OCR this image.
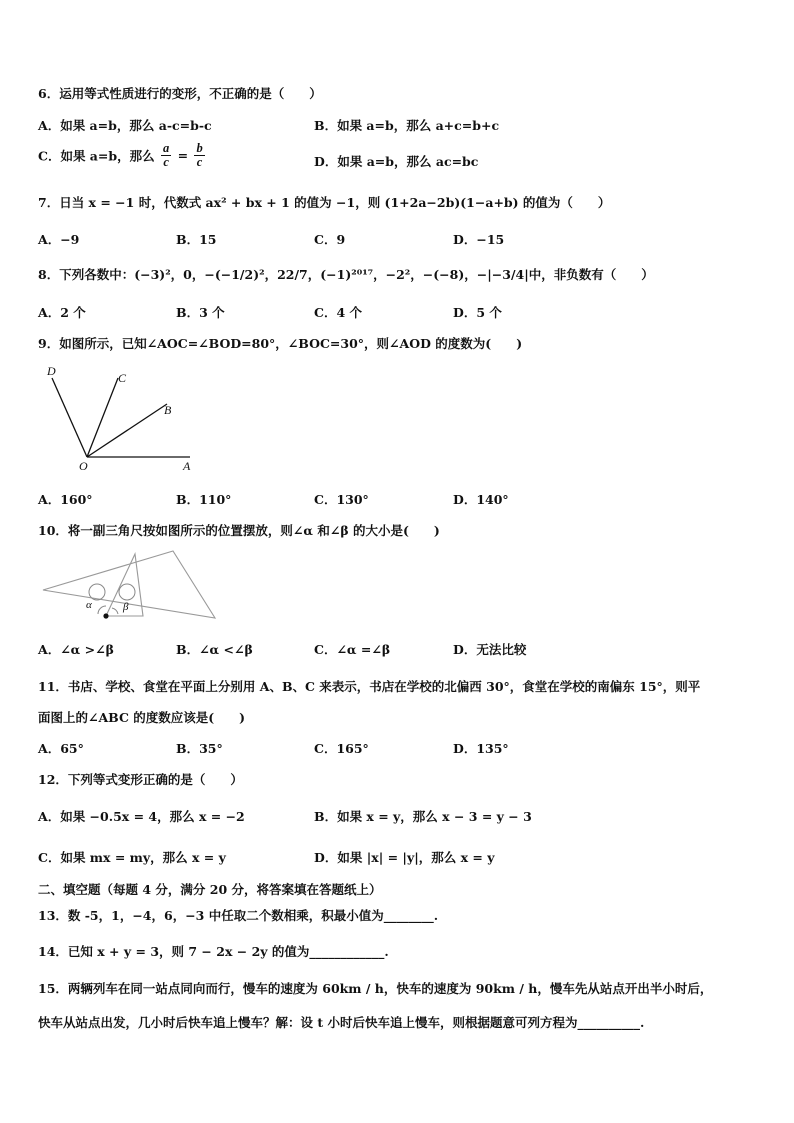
6．运用等式性质进行的变形，不正确的是（　　）
A．如果 a=b，那么 a-c=b-c	B．如果 a=b，那么 a+c=b+c
C．如果 a=b，那么 $\frac{a}{c} = \frac{b}{c}$	D．如果 a=b，那么 ac=bc
7．日当 x = −1 时，代数式 ax² + bx + 1 的值为 −1，则 (1+2a−2b)(1−a+b) 的值为（　　）
A．−9	B．15	C．9	D．−15
8．下列各数中：(−3)²，0，−(−1/2)²，22/7，(−1)²⁰¹⁷，−2²，−(−8)，−|−3/4|中，非负数有（　　）
A．2 个	B．3 个	C．4 个	D．5 个
9．如图所示，已知∠AOC=∠BOD=80°，∠BOC=30°，则∠AOD 的度数为(　　)
D	C
B
O	A
A．160°	B．110°	C．130°	D．140°
10．将一副三角尺按如图所示的位置摆放，则∠α 和∠β 的大小是(　　)
α	β
A．∠α >∠β	B．∠α <∠β	C．∠α =∠β	D．无法比较
11．书店、学校、食堂在平面上分别用 A、B、C 来表示，书店在学校的北偏西 30°，食堂在学校的南偏东 15°，则平
面图上的∠ABC 的度数应该是(　　)
A．65°	B．35°	C．165°	D．135°
12．下列等式变形正确的是（　　）
A．如果 −0.5x = 4，那么 x = −2	B．如果 x = y，那么 x − 3 = y − 3
C．如果 mx = my，那么 x = y	D．如果 |x| = |y|，那么 x = y
二、填空题（每题 4 分，满分 20 分，将答案填在答题纸上）
13．数 -5，1，−4，6，−3 中任取二个数相乘，积最小值为________.
14．已知 x + y = 3，则 7 − 2x − 2y 的值为____________.
15．两辆列车在同一站点同向而行，慢车的速度为 60km / h，快车的速度为 90km / h，慢车先从站点开出半小时后，
快车从站点出发，几小时后快车追上慢车？解：设 t 小时后快车追上慢车，则根据题意可列方程为__________.
